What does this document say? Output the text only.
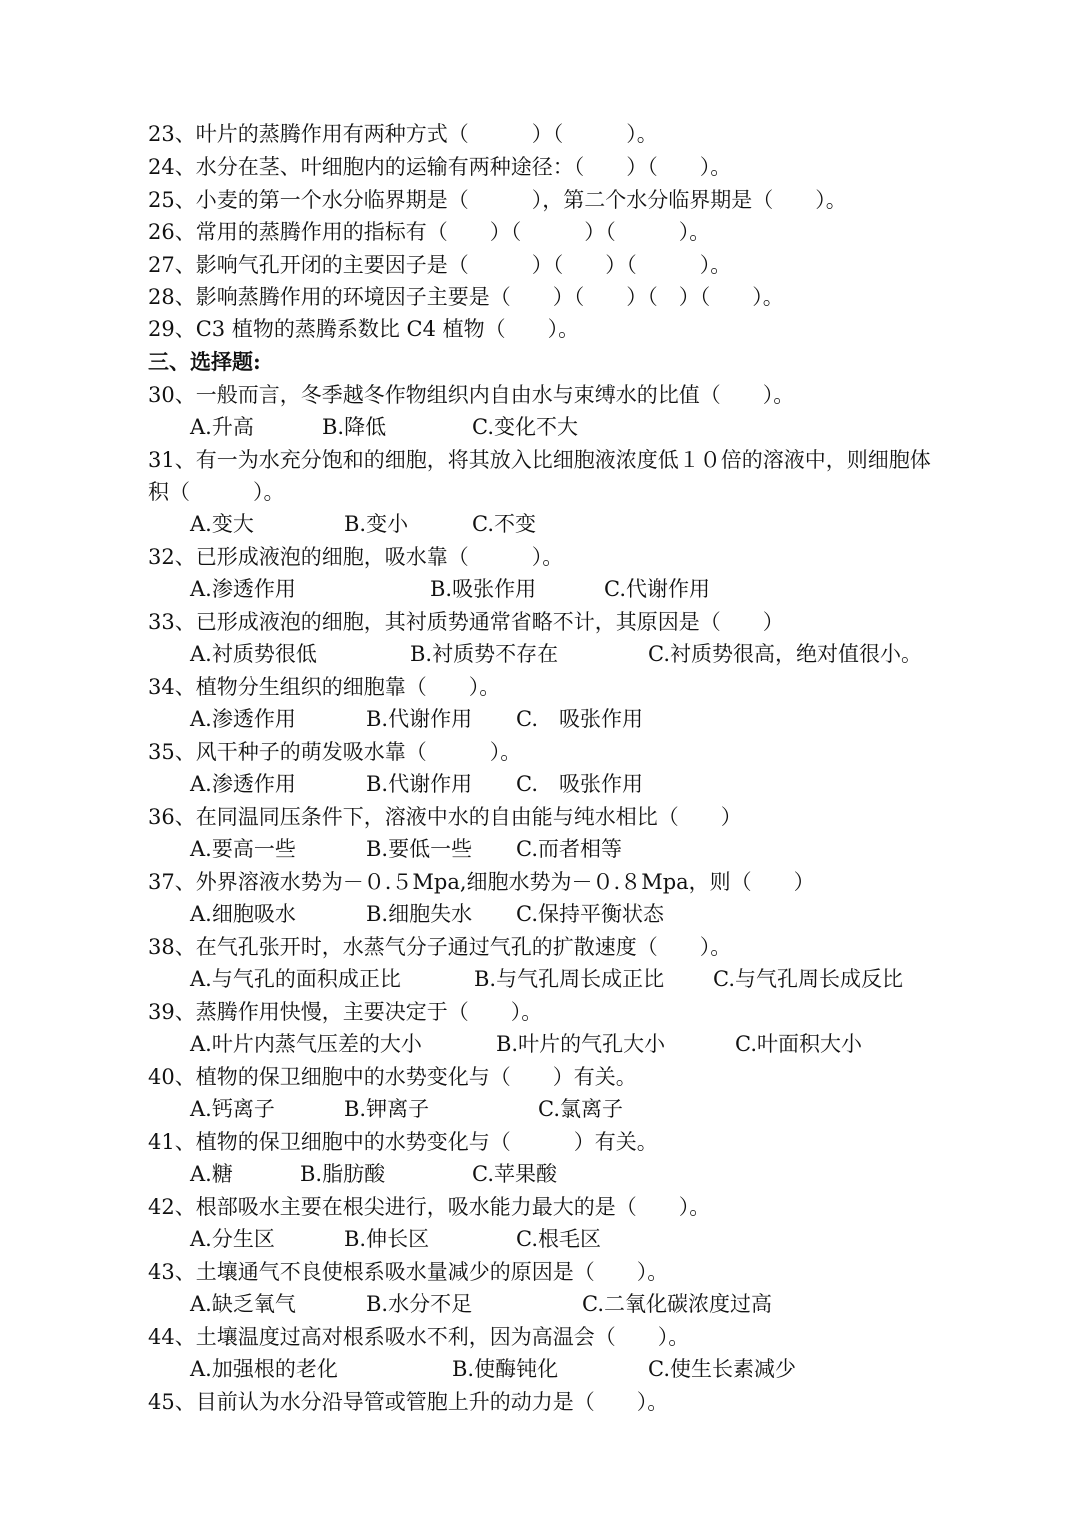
23、叶片的蒸腾作用有两种方式（　　　）（　　　）。
24、水分在茎、叶细胞内的运输有两种途径：（　　）（　　）。
25、小麦的第一个水分临界期是（　　　），第二个水分临界期是（　　）。
26、常用的蒸腾作用的指标有（　　）（　　　）（　　　）。
27、影响气孔开闭的主要因子是（　　　）（　　）（　　　）。
28、影响蒸腾作用的环境因子主要是（　　）（　　）（　）（　　）。
29、C3 植物的蒸腾系数比 C4 植物（　　）。
三、选择题:
30、一般而言，冬季越冬作物组织内自由水与束缚水的比值（　　）。
A.升高	B.降低	C.变化不大
31、有一为水充分饱和的细胞，将其放入比细胞液浓度低１０倍的溶液中，则细胞体
积（　　　）。
A.变大	B.变小	C.不变
32、已形成液泡的细胞，吸水靠（　　　）。
A.渗透作用	B.吸张作用	C.代谢作用
33、已形成液泡的细胞，其衬质势通常省略不计，其原因是（　　）
A.衬质势很低	B.衬质势不存在	C.衬质势很高，绝对值很小。
34、植物分生组织的细胞靠（　　）。
A.渗透作用	B.代谢作用 C.　吸张作用
35、风干种子的萌发吸水靠（　　　）。
A.渗透作用	B.代谢作用 C.　吸张作用
36、在同温同压条件下，溶液中水的自由能与纯水相比（　　）
A.要高一些	B.要低一些 C.而者相等
37、外界溶液水势为－０.５Mpa,细胞水势为－０.８Mpa，则（　　）
A.细胞吸水	B.细胞失水 C.保持平衡状态
38、在气孔张开时，水蒸气分子通过气孔的扩散速度（　　）。
A.与气孔的面积成正比	B.与气孔周长成正比 C.与气孔周长成反比
39、蒸腾作用快慢，主要决定于（　　）。
A.叶片内蒸气压差的大小	B.叶片的气孔大小	C.叶面积大小
40、植物的保卫细胞中的水势变化与（　　）有关。
A.钙离子	B.钾离子	C.氯离子
41、植物的保卫细胞中的水势变化与（　　　）有关。
A.糖	B.脂肪酸	C.苹果酸
42、根部吸水主要在根尖进行，吸水能力最大的是（　　）。
A.分生区	B.伸长区	C.根毛区
43、土壤通气不良使根系吸水量减少的原因是（　　）。
A.缺乏氧气	B.水分不足	C.二氧化碳浓度过高
44、土壤温度过高对根系吸水不利，因为高温会（　　）。
A.加强根的老化	B.使酶钝化	C.使生长素减少
45、目前认为水分沿导管或管胞上升的动力是（　　）。
